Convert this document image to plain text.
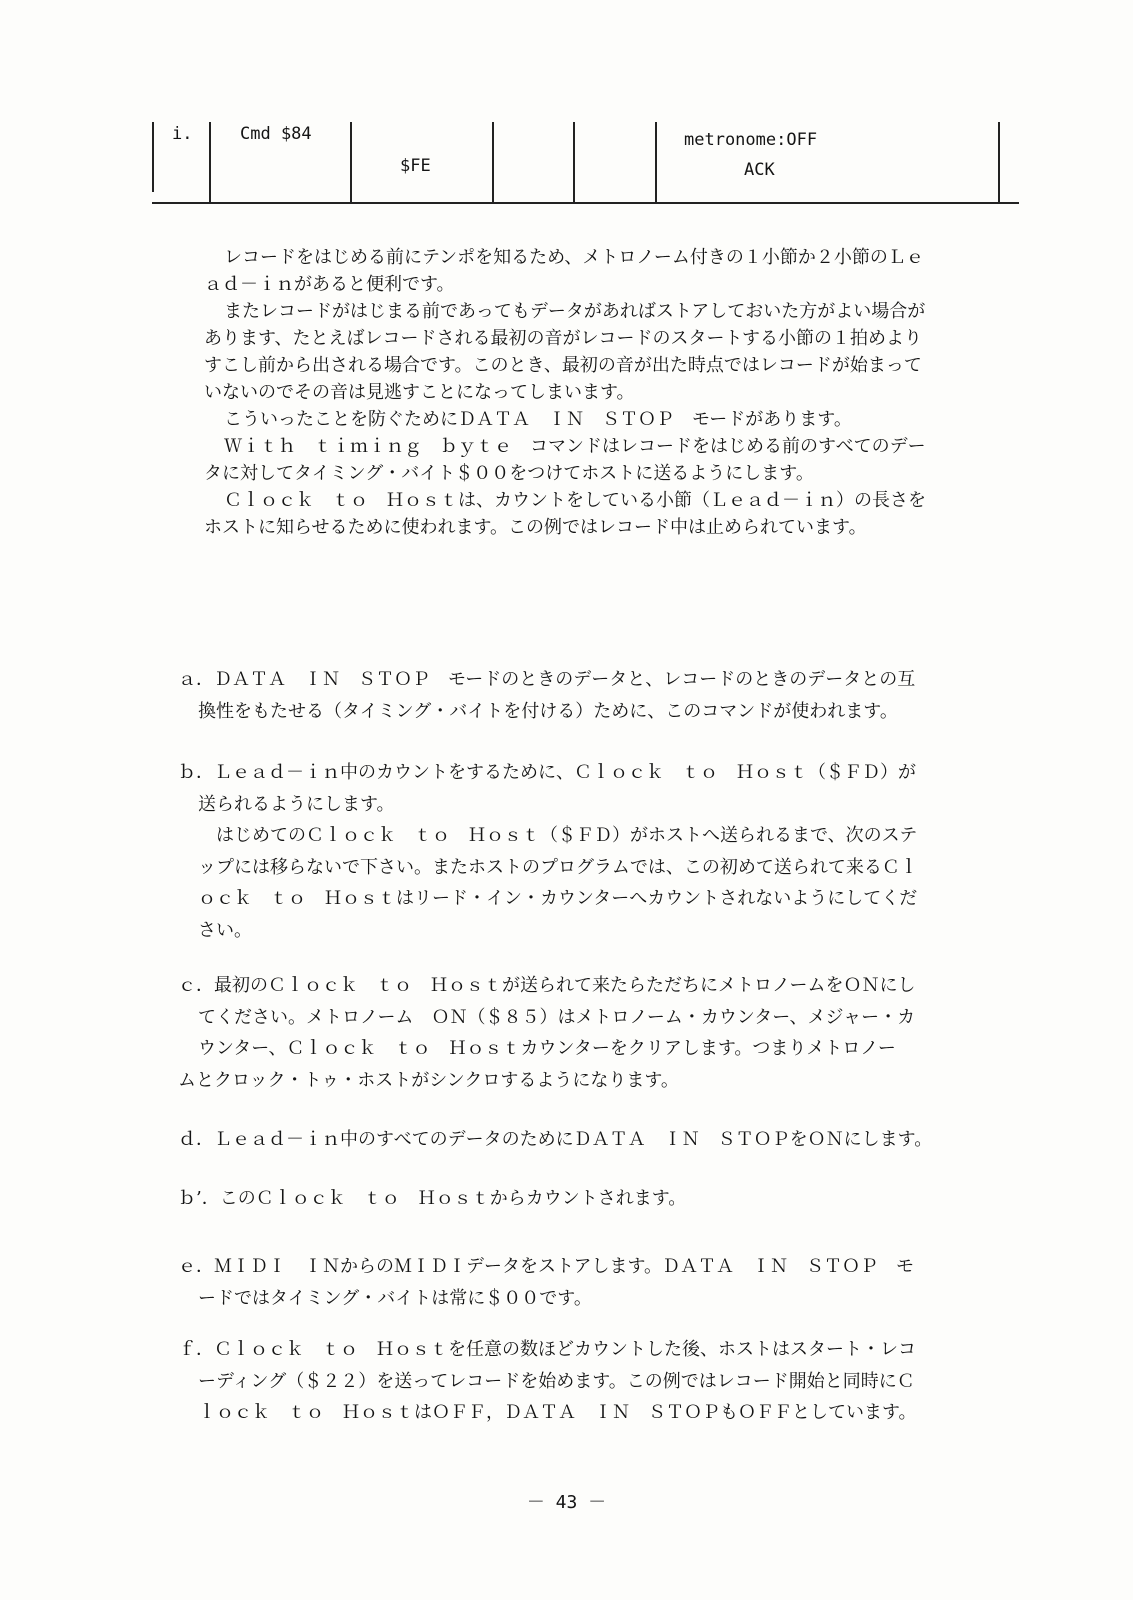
i.	Cmd $84
$FE
metronome:OFF
ACK

レコードをはじめる前にテンポを知るため、メトロノーム付きの１小節か２小節のＬｅ

ａｄ－ｉｎがあると便利です。

またレコードがはじまる前であってもデータがあればストアしておいた方がよい場合が

あります、たとえばレコードされる最初の音がレコードのスタートする小節の１拍めより

すこし前から出される場合です。このとき、最初の音が出た時点ではレコードが始まって

いないのでその音は見逃すことになってしまいます。

こういったことを防ぐためにＤＡＴＡ　ＩＮ　ＳＴＯＰ　モードがあります。

Ｗｉｔｈ　ｔｉｍｉｎｇ　ｂｙｔｅ　コマンドはレコードをはじめる前のすべてのデー

タに対してタイミング・バイト＄００をつけてホストに送るようにします。

Ｃｌｏｃｋ　ｔｏ　Ｈｏｓｔは、カウントをしている小節（Ｌｅａｄ－ｉｎ）の長さを

ホストに知らせるために使われます。この例ではレコード中は止められています。

ａ．ＤＡＴＡ　ＩＮ　ＳＴＯＰ　モードのときのデータと、レコードのときのデータとの互

換性をもたせる（タイミング・バイトを付ける）ために、このコマンドが使われます。

ｂ．Ｌｅａｄ－ｉｎ中のカウントをするために、Ｃｌｏｃｋ　ｔｏ　Ｈｏｓｔ（＄ＦＤ）が

送られるようにします。

はじめてのＣｌｏｃｋ　ｔｏ　Ｈｏｓｔ（＄ＦＤ）がホストへ送られるまで、次のステ

ップには移らないで下さい。またホストのプログラムでは、この初めて送られて来るＣｌ

ｏｃｋ　ｔｏ　Ｈｏｓｔはリード・イン・カウンターへカウントされないようにしてくだ

さい。

ｃ．最初のＣｌｏｃｋ　ｔｏ　Ｈｏｓｔが送られて来たらただちにメトロノームをＯＮにし

てください。メトロノーム　ＯＮ（＄８５）はメトロノーム・カウンター、メジャー・カ

ウンター、Ｃｌｏｃｋ　ｔｏ　Ｈｏｓｔカウンターをクリアします。つまりメトロノー

ムとクロック・トゥ・ホストがシンクロするようになります。

ｄ．Ｌｅａｄ－ｉｎ中のすべてのデータのためにＤＡＴＡ　ＩＮ　ＳＴＯＰをＯＮにします。

ｂ’．このＣｌｏｃｋ　ｔｏ　Ｈｏｓｔからカウントされます。

ｅ．ＭＩＤＩ　ＩＮからのＭＩＤＩデータをストアします。ＤＡＴＡ　ＩＮ　ＳＴＯＰ　モ

ードではタイミング・バイトは常に＄００です。

ｆ．Ｃｌｏｃｋ　ｔｏ　Ｈｏｓｔを任意の数ほどカウントした後、ホストはスタート・レコ

ーディング（＄２２）を送ってレコードを始めます。この例ではレコード開始と同時にＣ

ｌｏｃｋ　ｔｏ　ＨｏｓｔはＯＦＦ，ＤＡＴＡ　ＩＮ　ＳＴＯＰもＯＦＦとしています。

－ 43 －
